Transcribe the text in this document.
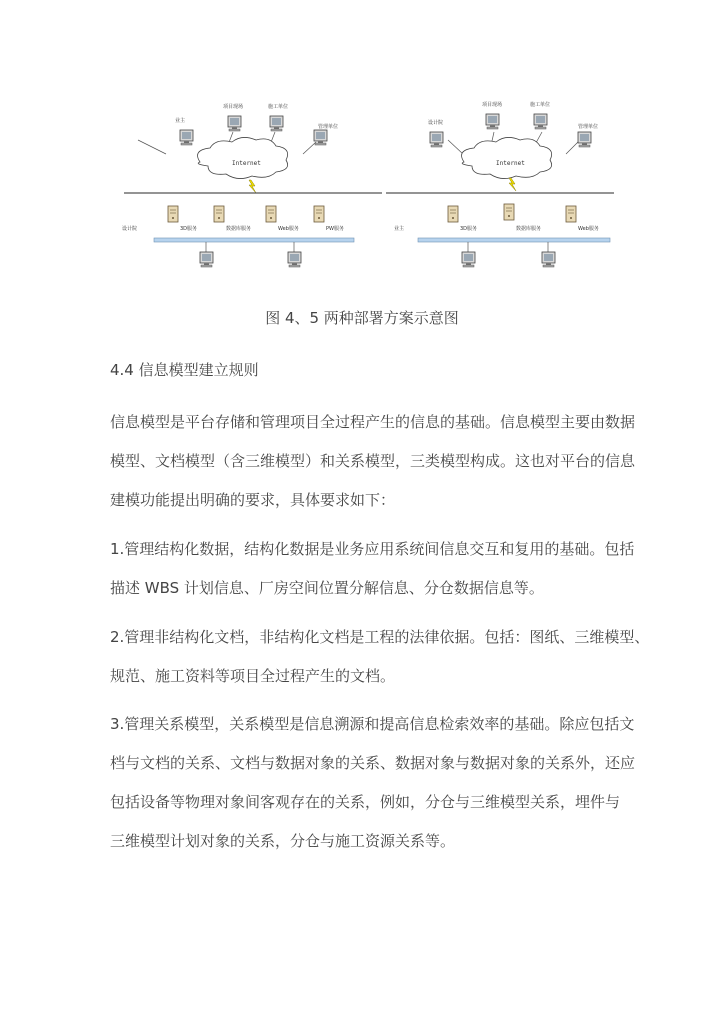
业主
项目现场	施工单位
管理单位
Internet
设计院	3D服务	数据库服务	Web服务	PW服务
设计院
项目现场	施工单位
管理单位
Internet
业主	3D服务	数据库服务	Web服务
图 4、5 两种部署方案示意图
4.4 信息模型建立规则
信息模型是平台存储和管理项目全过程产生的信息的基础。信息模型主要由数据
模型、文档模型（含三维模型）和关系模型，三类模型构成。这也对平台的信息
建模功能提出明确的要求，具体要求如下：
1.管理结构化数据，结构化数据是业务应用系统间信息交互和复用的基础。包括
描述 WBS 计划信息、厂房空间位置分解信息、分仓数据信息等。
2.管理非结构化文档，非结构化文档是工程的法律依据。包括：图纸、三维模型、
规范、施工资料等项目全过程产生的文档。
3.管理关系模型，关系模型是信息溯源和提高信息检索效率的基础。除应包括文
档与文档的关系、文档与数据对象的关系、数据对象与数据对象的关系外，还应
包括设备等物理对象间客观存在的关系，例如，分仓与三维模型关系，埋件与
三维模型计划对象的关系，分仓与施工资源关系等。
